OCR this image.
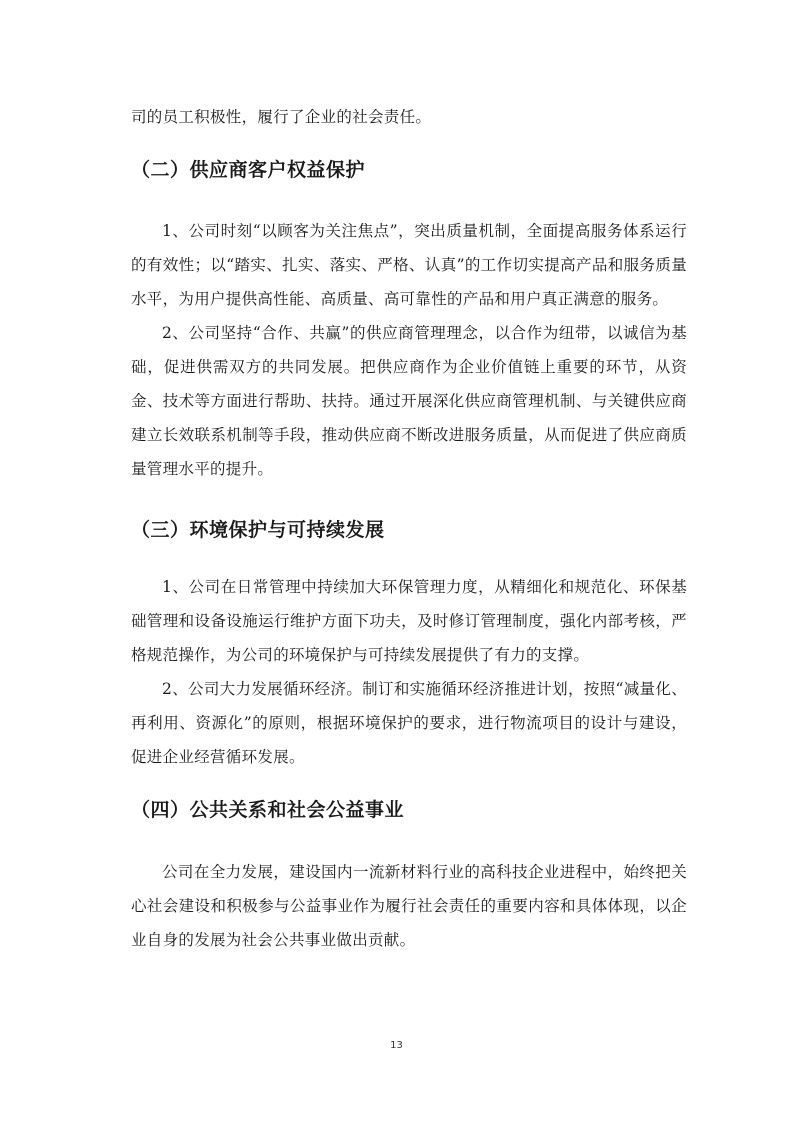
司的员工积极性，履行了企业的社会责任。

（二）供应商客户权益保护

1、公司时刻“以顾客为关注焦点”，突出质量机制，全面提高服务体系运行的有效性；以“踏实、扎实、落实、严格、认真”的工作切实提高产品和服务质量水平，为用户提供高性能、高质量、高可靠性的产品和用户真正满意的服务。

2、公司坚持“合作、共赢”的供应商管理理念，以合作为纽带，以诚信为基础，促进供需双方的共同发展。把供应商作为企业价值链上重要的环节，从资金、技术等方面进行帮助、扶持。通过开展深化供应商管理机制、与关键供应商建立长效联系机制等手段，推动供应商不断改进服务质量，从而促进了供应商质量管理水平的提升。

（三）环境保护与可持续发展

1、公司在日常管理中持续加大环保管理力度，从精细化和规范化、环保基础管理和设备设施运行维护方面下功夫，及时修订管理制度，强化内部考核，严格规范操作，为公司的环境保护与可持续发展提供了有力的支撑。

2、公司大力发展循环经济。制订和实施循环经济推进计划，按照“减量化、再利用、资源化”的原则，根据环境保护的要求，进行物流项目的设计与建设，促进企业经营循环发展。

（四）公共关系和社会公益事业

公司在全力发展，建设国内一流新材料行业的高科技企业进程中，始终把关心社会建设和积极参与公益事业作为履行社会责任的重要内容和具体体现，以企业自身的发展为社会公共事业做出贡献。

13
